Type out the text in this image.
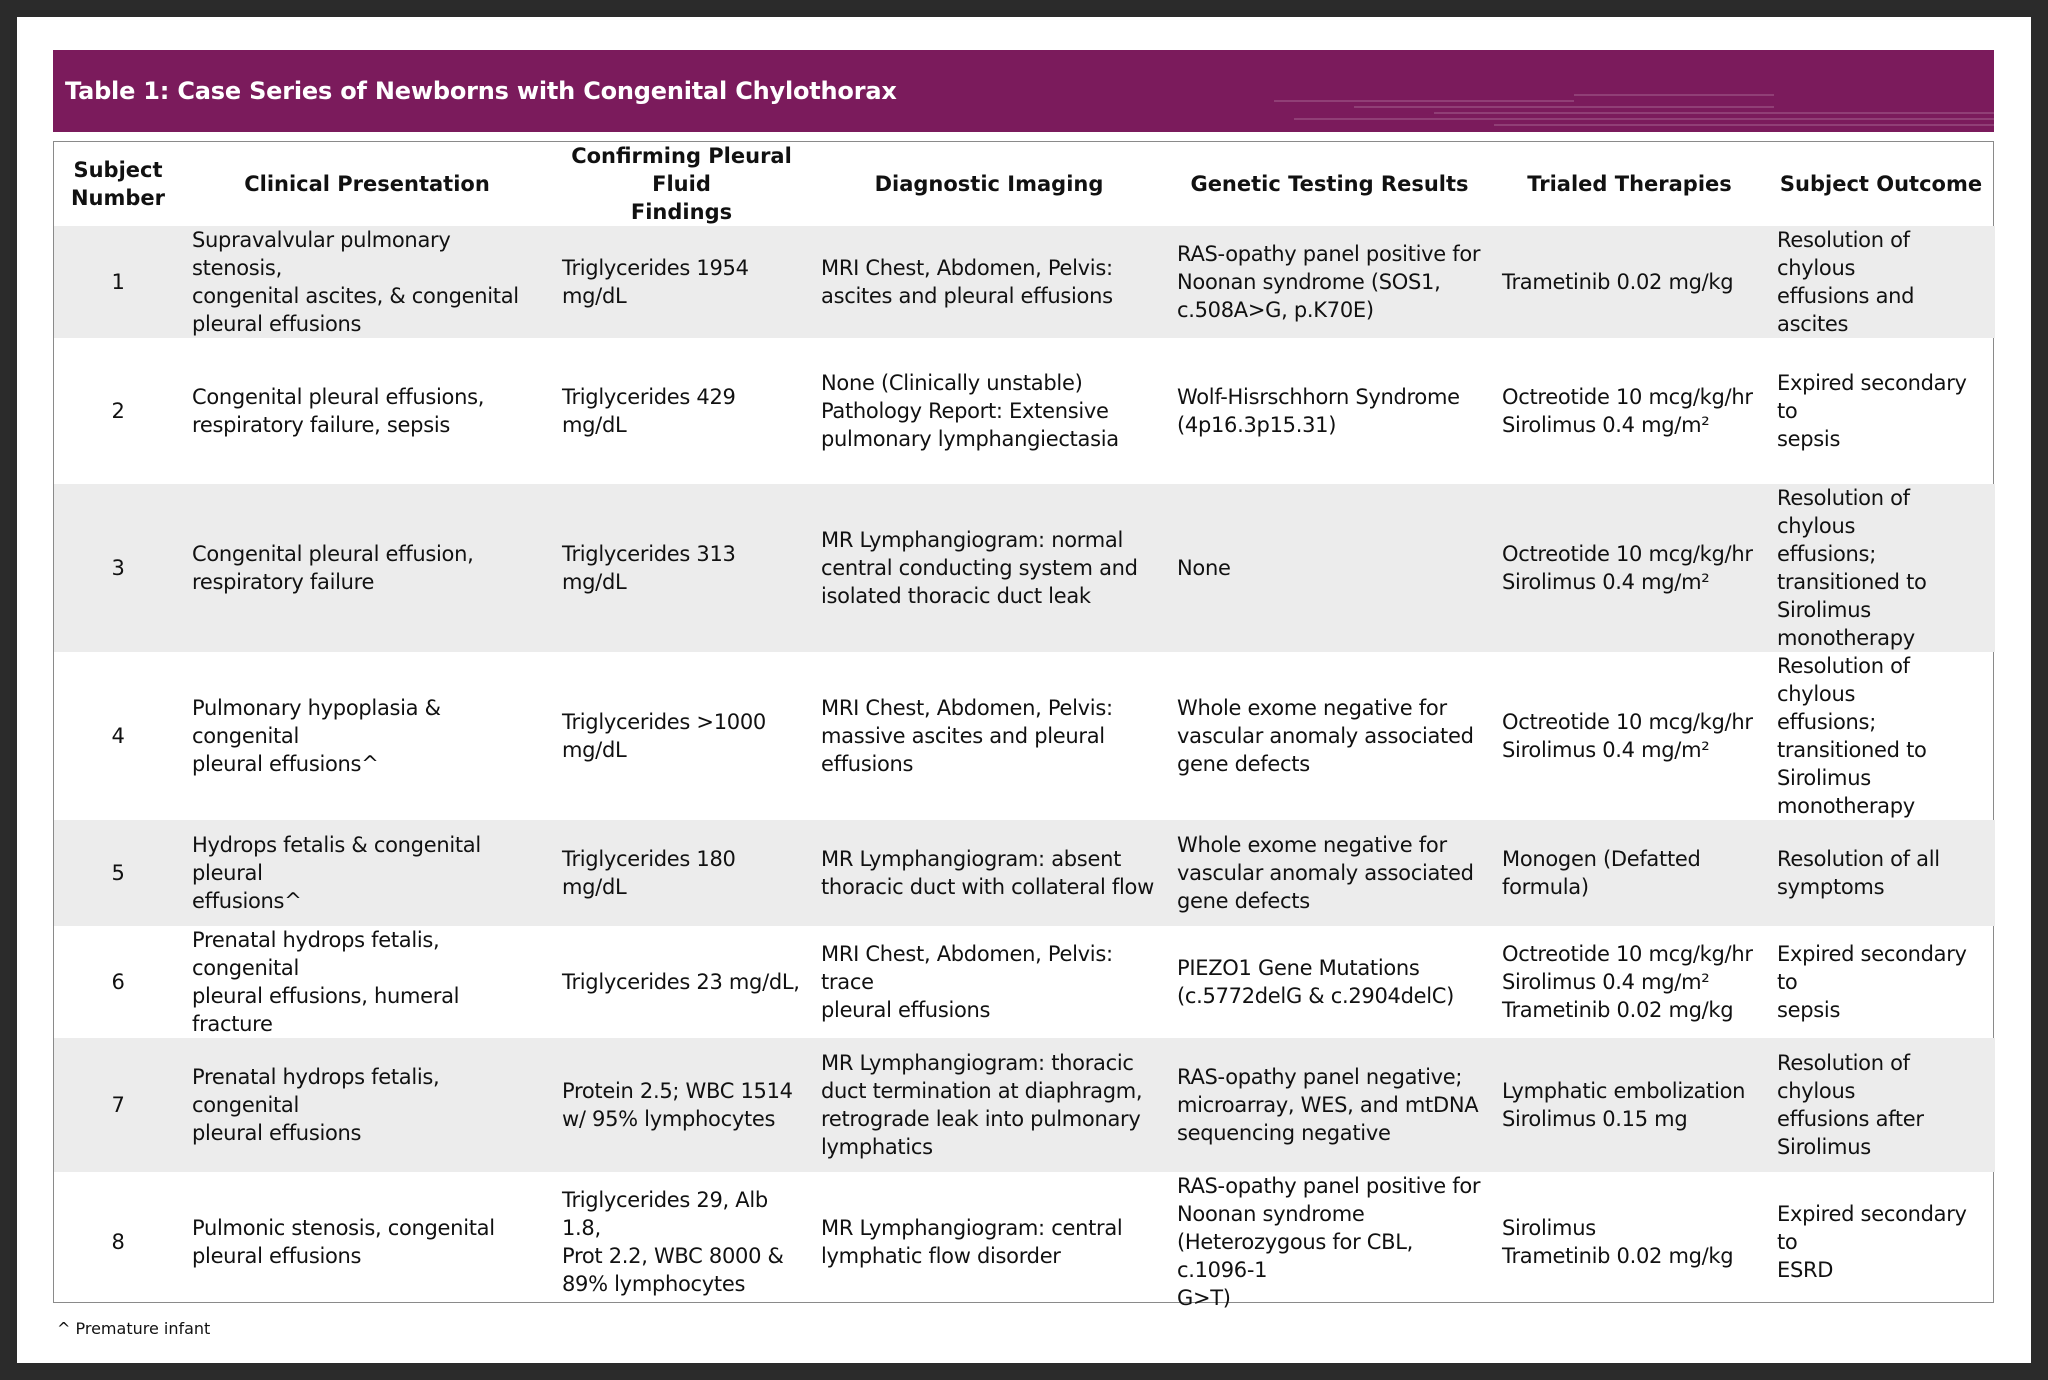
Table 1: Case Series of Newborns with Congenital Chylothorax
Subject
Number	Clinical Presentation	Confirming Pleural Fluid
Findings	Diagnostic Imaging	Genetic Testing Results	Trialed Therapies	Subject Outcome
1	Supravalvular pulmonary stenosis,
congenital ascites, & congenital
pleural effusions	Triglycerides 1954
mg/dL	MRI Chest, Abdomen, Pelvis:
ascites and pleural effusions	RAS-opathy panel positive for
Noonan syndrome (SOS1,
c.508A>G, p.K70E)	Trametinib 0.02 mg/kg	Resolution of chylous
effusions and ascites
2	Congenital pleural effusions,
respiratory failure, sepsis	Triglycerides 429 mg/dL	None (Clinically unstable)
Pathology Report: Extensive
pulmonary lymphangiectasia	Wolf-Hisrschhorn Syndrome
(4p16.3p15.31)	Octreotide 10 mcg/kg/hr
Sirolimus 0.4 mg/m²	Expired secondary to
sepsis
3	Congenital pleural effusion,
respiratory failure	Triglycerides 313 mg/dL	MR Lymphangiogram: normal
central conducting system and
isolated thoracic duct leak	None	Octreotide 10 mcg/kg/hr
Sirolimus 0.4 mg/m²	Resolution of chylous
effusions;
transitioned to
Sirolimus
monotherapy
4	Pulmonary hypoplasia & congenital
pleural effusions^	Triglycerides >1000
mg/dL	MRI Chest, Abdomen, Pelvis:
massive ascites and pleural
effusions	Whole exome negative for
vascular anomaly associated
gene defects	Octreotide 10 mcg/kg/hr
Sirolimus 0.4 mg/m²	Resolution of chylous
effusions;
transitioned to
Sirolimus
monotherapy
5	Hydrops fetalis & congenital pleural
effusions^	Triglycerides 180 mg/dL	MR Lymphangiogram: absent
thoracic duct with collateral flow	Whole exome negative for
vascular anomaly associated
gene defects	Monogen (Defatted
formula)	Resolution of all
symptoms
6	Prenatal hydrops fetalis, congenital
pleural effusions, humeral fracture	Triglycerides 23 mg/dL,	MRI Chest, Abdomen, Pelvis: trace
pleural effusions	PIEZO1 Gene Mutations
(c.5772delG & c.2904delC)	Octreotide 10 mcg/kg/hr
Sirolimus 0.4 mg/m²
Trametinib 0.02 mg/kg	Expired secondary to
sepsis
7	Prenatal hydrops fetalis, congenital
pleural effusions	Protein 2.5; WBC 1514
w/ 95% lymphocytes	MR Lymphangiogram: thoracic
duct termination at diaphragm,
retrograde leak into pulmonary
lymphatics	RAS-opathy panel negative;
microarray, WES, and mtDNA
sequencing negative	Lymphatic embolization
Sirolimus 0.15 mg	Resolution of chylous
effusions after
Sirolimus
8	Pulmonic stenosis, congenital
pleural effusions	Triglycerides 29, Alb 1.8,
Prot 2.2, WBC 8000 &
89% lymphocytes	MR Lymphangiogram: central
lymphatic flow disorder	RAS-opathy panel positive for
Noonan syndrome
(Heterozygous for CBL, c.1096-1
G>T)	Sirolimus
Trametinib 0.02 mg/kg	Expired secondary to
ESRD
^ Premature infant
